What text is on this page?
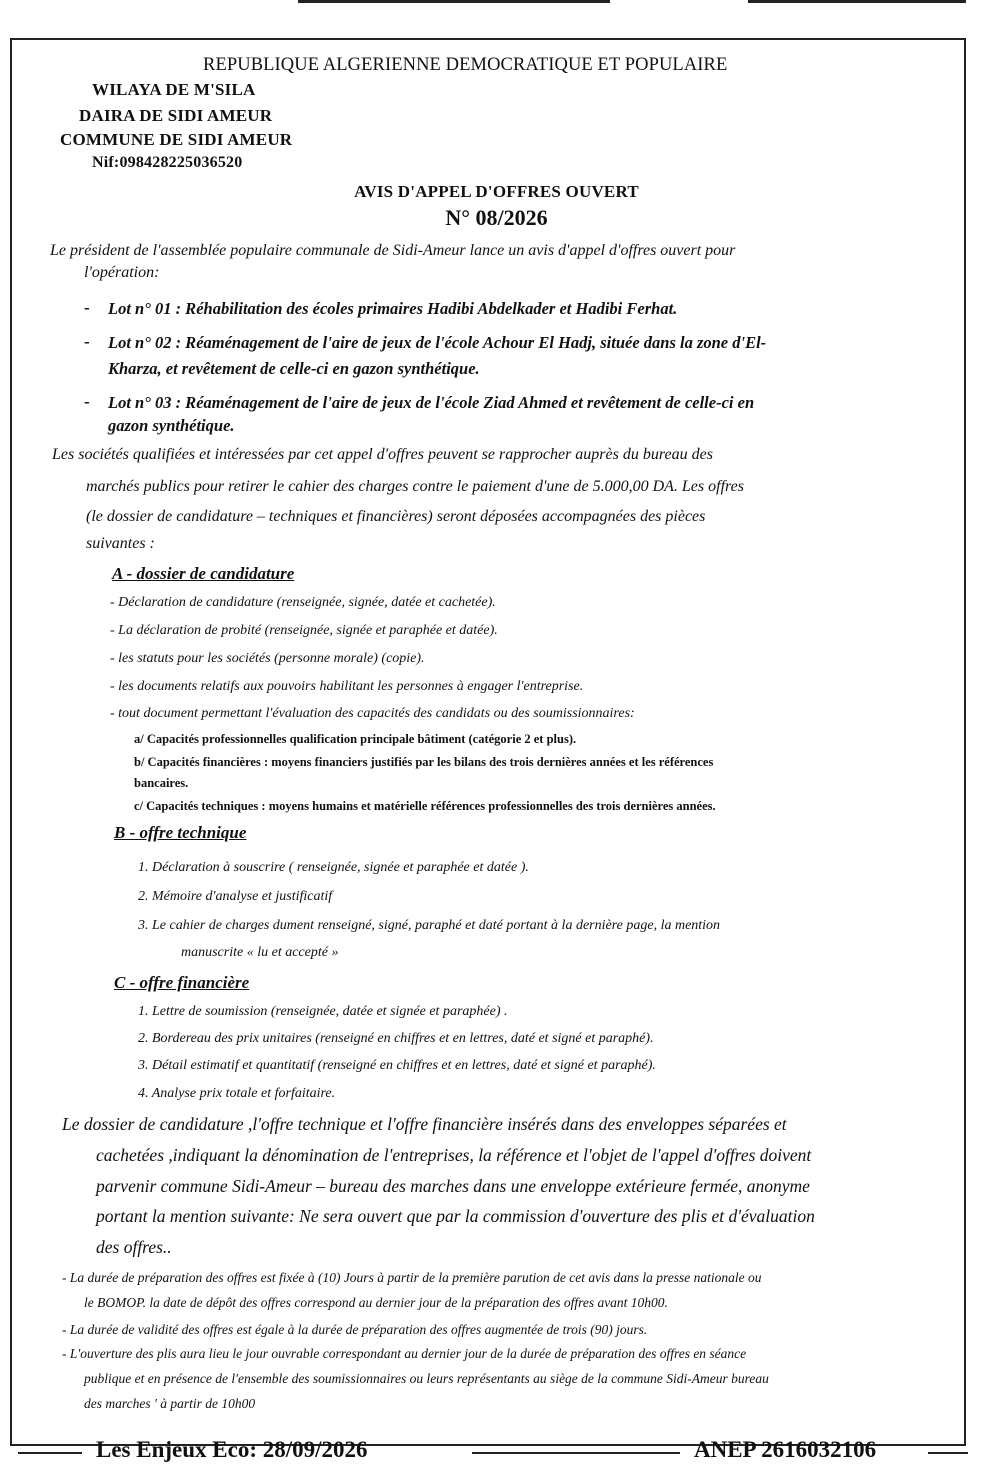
REPUBLIQUE ALGERIENNE DEMOCRATIQUE ET POPULAIRE
WILAYA DE M'SILA
DAIRA DE SIDI AMEUR
COMMUNE DE SIDI AMEUR
Nif:098428225036520
AVIS D'APPEL D'OFFRES OUVERT
N° 08/2026
Le président de l'assemblée populaire communale de Sidi-Ameur lance un avis d'appel d'offres ouvert pour
l'opération:
- Lot n° 01 : Réhabilitation des écoles primaires Hadibi Abdelkader et Hadibi Ferhat.
- Lot n° 02 : Réaménagement de l'aire de jeux de l'école Achour El Hadj, située dans la zone d'El-
Kharza, et revêtement de celle-ci en gazon synthétique.
- Lot n° 03 : Réaménagement de l'aire de jeux de l'école Ziad Ahmed et revêtement de celle-ci en
gazon synthétique.
Les sociétés qualifiées et intéressées par cet appel d'offres peuvent se rapprocher auprès du bureau des
marchés publics pour retirer le cahier des charges contre le paiement d'une de 5.000,00 DA. Les offres
(le dossier de candidature – techniques et financières) seront déposées accompagnées des pièces
suivantes :
A - dossier de candidature
- Déclaration de candidature (renseignée, signée, datée et cachetée).
- La déclaration de probité (renseignée, signée et paraphée et datée).
- les statuts pour les sociétés (personne morale) (copie).
- les documents relatifs aux pouvoirs habilitant les personnes à engager l'entreprise.
- tout document permettant l'évaluation des capacités des candidats ou des soumissionnaires:
a/ Capacités professionnelles qualification principale bâtiment (catégorie 2 et plus).
b/ Capacités financières : moyens financiers justifiés par les bilans des trois dernières années et les références
bancaires.
c/ Capacités techniques : moyens humains et matérielle références professionnelles des trois dernières années.
B - offre technique
1. Déclaration à souscrire ( renseignée, signée et paraphée et datée ).
2. Mémoire d'analyse et justificatif
3. Le cahier de charges dument renseigné, signé, paraphé et daté portant à la dernière page, la mention
manuscrite « lu et accepté »
C - offre financière
1. Lettre de soumission (renseignée, datée et signée et paraphée) .
2. Bordereau des prix unitaires (renseigné en chiffres et en lettres, daté et signé et paraphé).
3. Détail estimatif et quantitatif (renseigné en chiffres et en lettres, daté et signé et paraphé).
4. Analyse prix totale et forfaitaire.
Le dossier de candidature ,l'offre technique et l'offre financière insérés dans des enveloppes séparées et
cachetées ,indiquant la dénomination de l'entreprises, la référence et l'objet de l'appel d'offres doivent
parvenir commune Sidi-Ameur – bureau des marches dans une enveloppe extérieure fermée, anonyme
portant la mention suivante: Ne sera ouvert que par la commission d'ouverture des plis et d'évaluation
des offres..
- La durée de préparation des offres est fixée à (10) Jours à partir de la première parution de cet avis dans la presse nationale ou
le BOMOP. la date de dépôt des offres correspond au dernier jour de la préparation des offres avant 10h00.
- La durée de validité des offres est égale à la durée de préparation des offres augmentée de trois (90) jours.
- L'ouverture des plis aura lieu le jour ouvrable correspondant au dernier jour de la durée de préparation des offres en séance
publique et en présence de l'ensemble des soumissionnaires ou leurs représentants au siège de la commune Sidi-Ameur bureau
des marches ' à partir de 10h00
Les Enjeux Eco: 28/09/2026	ANEP 2616032106
